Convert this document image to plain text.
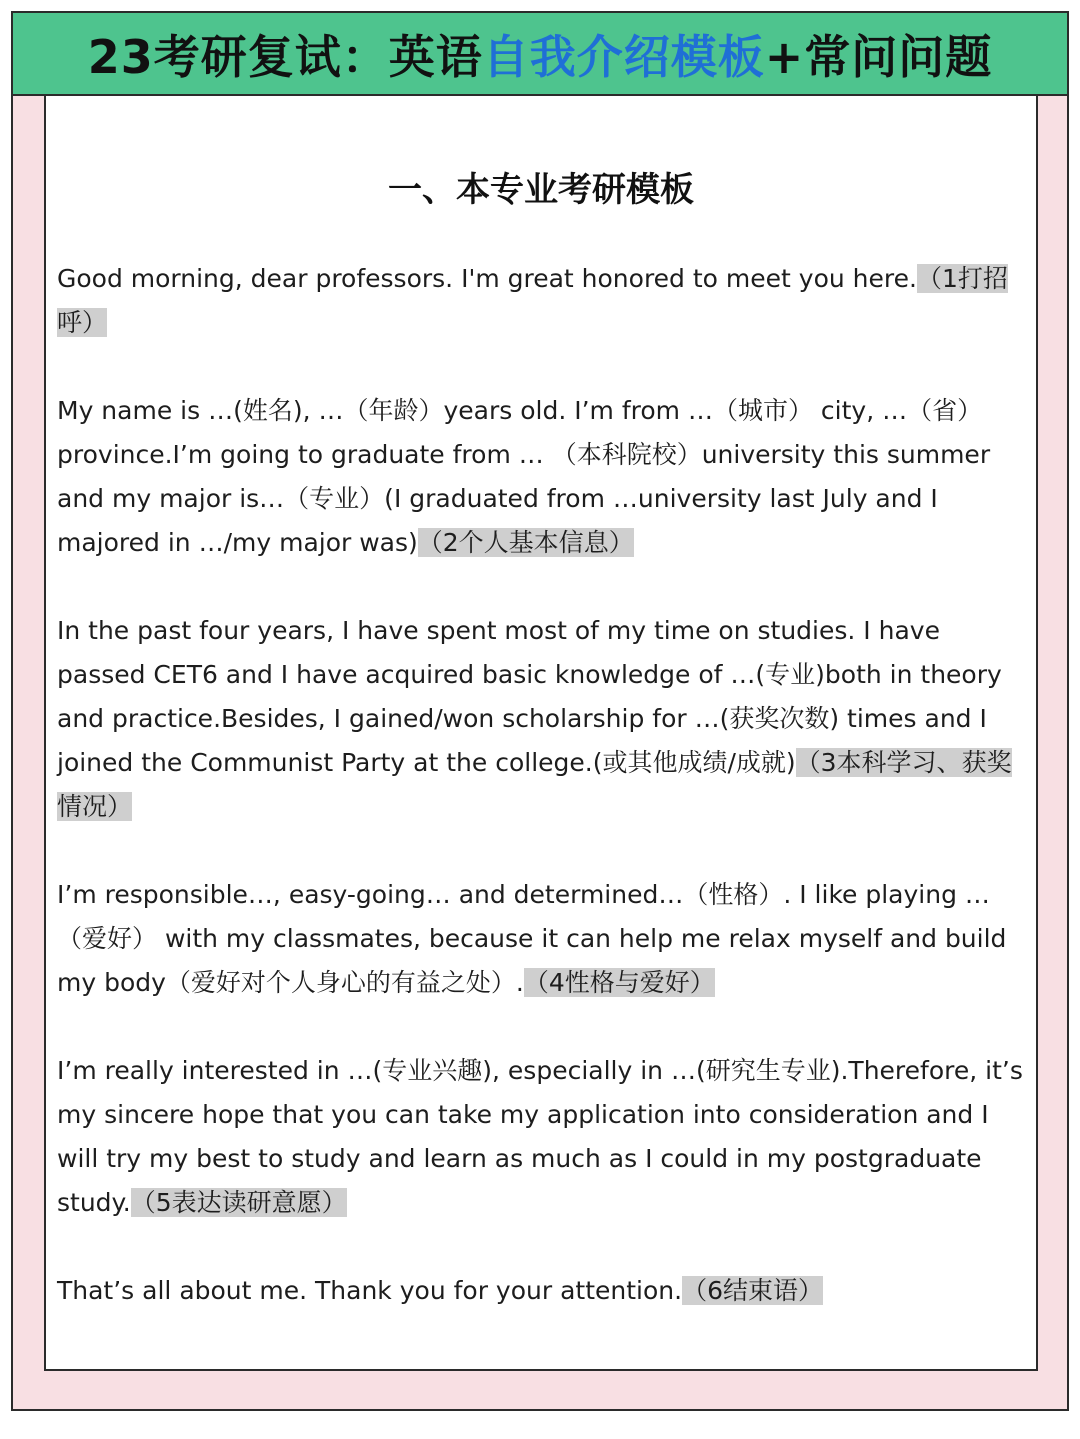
23考研复试：英语 自我介绍模板 +常问问题
一、本专业考研模板

Good morning, dear professors. I'm great honored to meet you here.（1打招呼）

My name is …(姓名), …（年龄）years old. I’m from …（城市） city, …（省） province.I’m going to graduate from … （本科院校）university this summer and my major is…（专业）(I graduated from …university last July and I majored in …/my major was)（2个人基本信息）

In the past four years, I have spent most of my time on studies. I have passed CET6 and I have acquired basic knowledge of …(专业)both in theory and practice.Besides, I gained/won scholarship for …(获奖次数) times and I joined the Communist Party at the college.(或其他成绩/成就)（3本科学习、获奖情况）

I’m responsible…, easy-going… and determined…（性格）. I like playing …（爱好） with my classmates, because it can help me relax myself and build my body（爱好对个人身心的有益之处）.（4性格与爱好）

I’m really interested in …(专业兴趣), especially in …(研究生专业).Therefore, it’s my sincere hope that you can take my application into consideration and I will try my best to study and learn as much as I could in my postgraduate study.（5表达读研意愿）

That’s all about me. Thank you for your attention.（6结束语）
